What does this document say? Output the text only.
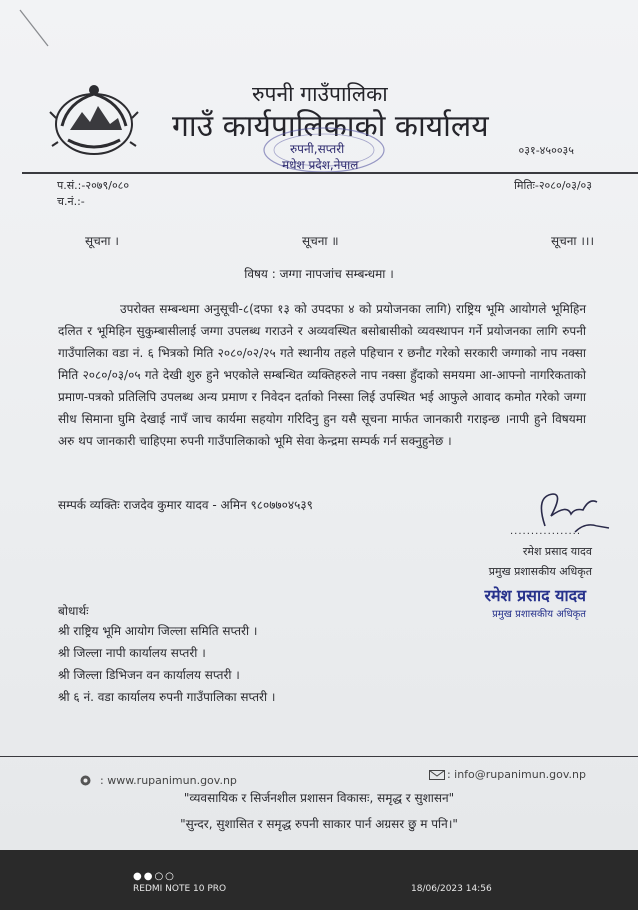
रुपनी गाउँपालिका
गाउँ कार्यपालिकाको कार्यालय
०३१-४५००३५
रुपनी,सप्तरी
मधेश प्रदेश,नेपाल
प.सं.:-२०७९/०८०
च.नं.:-
मितिः-२०८०/०३/०३
सूचना ।	सूचना ॥	सूचना ।।।
विषय : जग्गा नापजांच सम्बन्धमा ।

उपरोक्त सम्बन्धमा अनुसूची-८(दफा १३ को उपदफा ४ को प्रयोजनका लागि) राष्ट्रिय भूमि आयोगले भूमिहिन दलित र भूमिहिन सुकुम्बासीलाई जग्गा उपलब्ध गराउने र अव्यवस्थित बसोबासीको व्यवस्थापन गर्ने प्रयोजनका लागि रुपनी गाउँपालिका वडा नं. ६ भित्रको मिति २०८०/०२/२५ गते स्थानीय तहले पहिचान र छनौट गरेको सरकारी जग्गाको नाप नक्सा मिति २०८०/०३/०५ गते देखी शुरु हुने भएकोले सम्बन्धित व्यक्तिहरुले नाप नक्सा हुँदाको समयमा आ-आफ्नो नागरिकताको प्रमाण-पत्रको प्रतिलिपि उपलब्ध अन्य प्रमाण र निवेदन दर्ताको निस्सा लिई उपस्थित भई आफुले आवाद कमोत गरेको जग्गा सीध सिमाना घुमि देखाई नापँ जाच कार्यमा सहयोग गरिदिनु हुन यसै सूचना मार्फत जानकारी गराइन्छ ।नापी हुने विषयमा अरु थप जानकारी चाहिएमा रुपनी गाउँपालिकाको भूमि सेवा केन्द्रमा सम्पर्क गर्न सक्नुहुनेछ ।

सम्पर्क व्यक्तिः राजदेव कुमार यादव - अमिन ९८०७७०४५३९
.................
रमेश प्रसाद यादव
प्रमुख प्रशासकीय अधिकृत
रमेश प्रसाद यादव
प्रमुख प्रशासकीय अधिकृत
बोधार्थः
श्री राष्ट्रिय भूमि आयोग जिल्ला समिति सप्तरी ।
श्री जिल्ला नापी कार्यालय सप्तरी ।
श्री जिल्ला डिभिजन वन कार्यालय सप्तरी ।
श्री ६ नं. वडा कार्यालय रुपनी गाउँपालिका सप्तरी ।
: www.rupanimun.gov.np	: info@rupanimun.gov.np
"व्यवसायिक र सिर्जनशील प्रशासन विकासः, समृद्ध र सुशासन"
"सुन्दर, सुशासित र समृद्ध रुपनी साकार पार्न अग्रसर छु म पनि।"
●●○○
REDMI NOTE 10 PRO	18/06/2023 14:56
